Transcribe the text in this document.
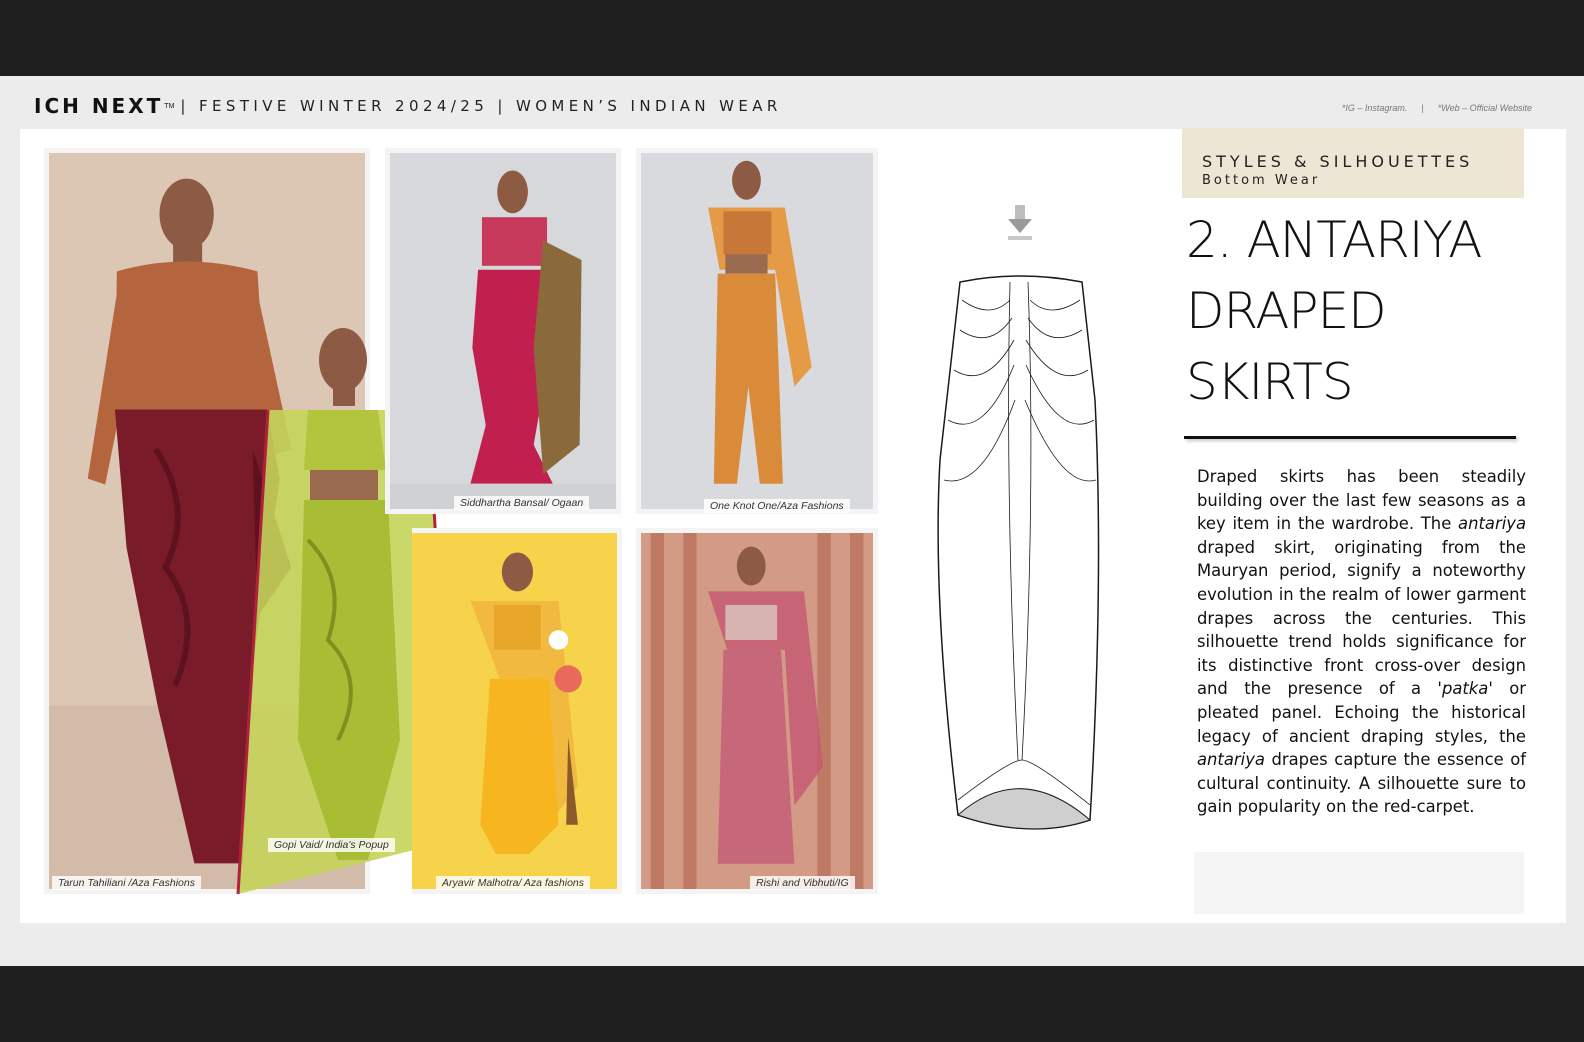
ICH NEXT TM | FESTIVE WINTER 2024/25 | WOMEN’S INDIAN WEAR	*IG – Instagram. | *Web – Official Website
Tarun Tahiliani /Aza Fashions
Siddhartha Bansal/ Ogaan	One Knot One/Aza Fashions
Aryavir Malhotra/ Aza fashions	Rishi and Vibhuti/IG
Gopi Vaid/ India's Popup
STYLES & SILHOUETTES
Bottom Wear
2. ANTARIYA
DRAPED
SKIRTS
Draped skirts has been steadily building over the last few seasons as a key item in the wardrobe. The antariya draped skirt, originating from the Mauryan period, signify a noteworthy evolution in the realm of lower garment drapes across the centuries. This silhouette trend holds significance for its distinctive front cross-over design and the presence of a 'patka' or pleated panel. Echoing the historical legacy of ancient draping styles, the antariya drapes capture the essence of cultural continuity. A silhouette sure to gain popularity on the red-carpet.
